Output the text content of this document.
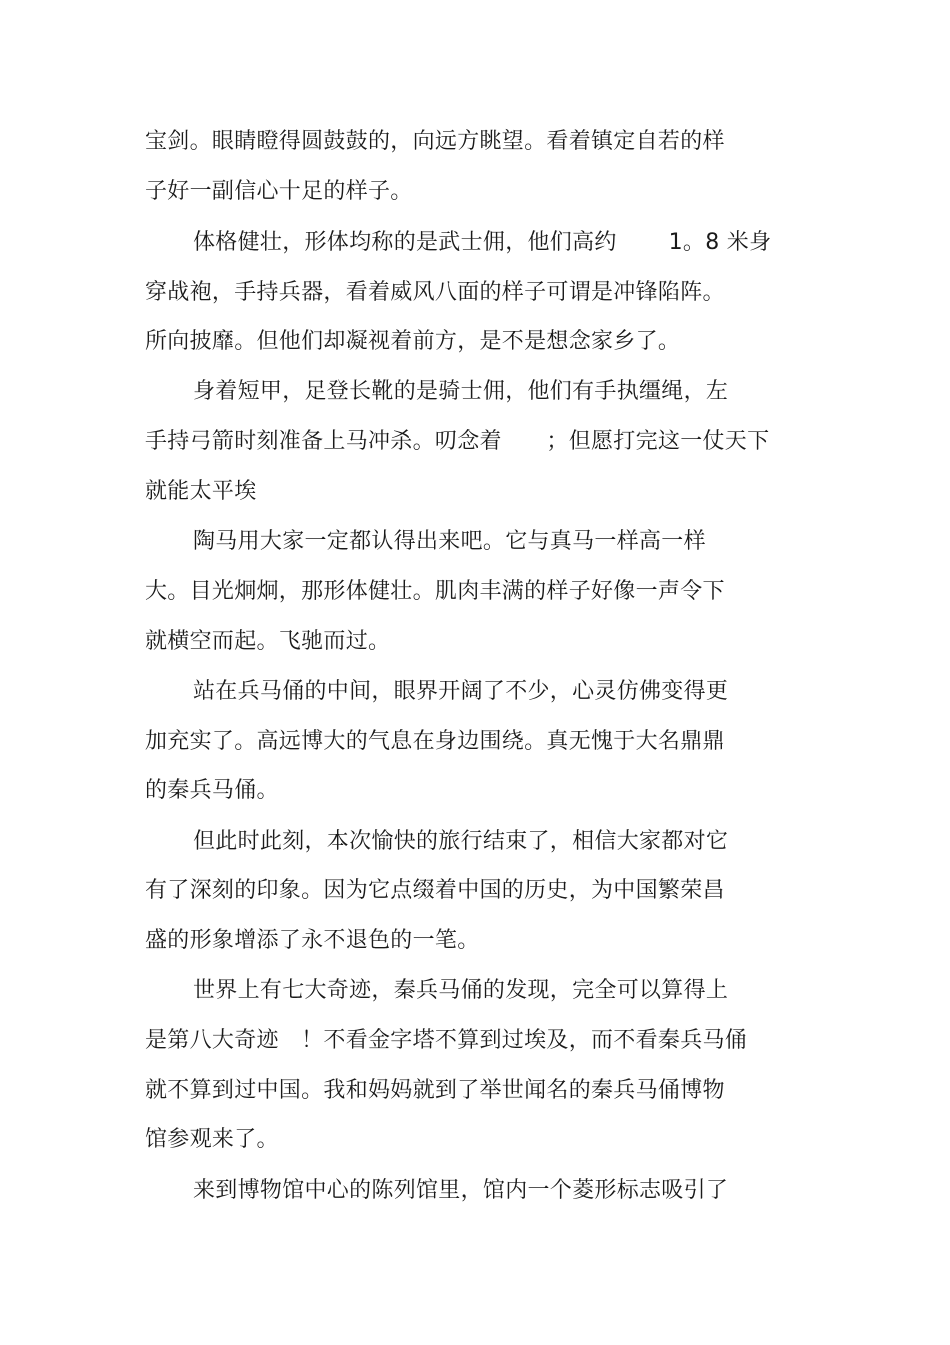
宝剑。眼睛瞪得圆鼓鼓的，向远方眺望。看着镇定自若的样
子好一副信心十足的样子。
体格健壮，形体均称的是武士佣，他们高约　　 1。8 米身
穿战袍，手持兵器，看着威风八面的样子可谓是冲锋陷阵。
所向披靡。但他们却凝视着前方，是不是想念家乡了。
身着短甲，足登长靴的是骑士佣，他们有手执缰绳，左
手持弓箭时刻准备上马冲杀。叨念着　　；但愿打完这一仗天下
就能太平埃
陶马用大家一定都认得出来吧。它与真马一样高一样
大。目光炯炯，那形体健壮。肌肉丰满的样子好像一声令下
就横空而起。飞驰而过。
站在兵马俑的中间，眼界开阔了不少，心灵仿佛变得更
加充实了。高远博大的气息在身边围绕。真无愧于大名鼎鼎
的秦兵马俑。
但此时此刻，本次愉快的旅行结束了，相信大家都对它
有了深刻的印象。因为它点缀着中国的历史，为中国繁荣昌
盛的形象增添了永不退色的一笔。
世界上有七大奇迹，秦兵马俑的发现，完全可以算得上
是第八大奇迹　！不看金字塔不算到过埃及，而不看秦兵马俑
就不算到过中国。我和妈妈就到了举世闻名的秦兵马俑博物
馆参观来了。
来到博物馆中心的陈列馆里，馆内一个菱形标志吸引了
